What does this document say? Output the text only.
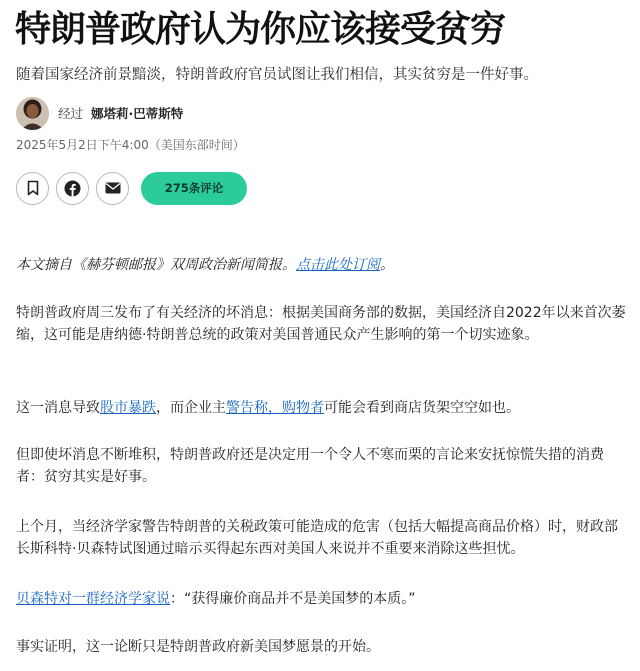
特朗普政府认为你应该接受贫穷
随着国家经济前景黯淡，特朗普政府官员试图让我们相信，其实贫穷是一件好事。
经过 娜塔莉·巴蒂斯特
2025年5月2日下午4:00（美国东部时间）
275条评论
本文摘自《赫芬顿邮报》双周政治新闻简报。点击此处订阅。
特朗普政府周三发布了有关经济的坏消息：根据美国商务部的数据，美国经济自2022年以来首次萎缩，这可能是唐纳德·特朗普总统的政策对美国普通民众产生影响的第一个切实迹象。
这一消息导致股市暴跌，而企业主警告称，购物者可能会看到商店货架空空如也。
但即使坏消息不断堆积，特朗普政府还是决定用一个令人不寒而栗的言论来安抚惊慌失措的消费者：贫穷其实是好事。
上个月，当经济学家警告特朗普的关税政策可能造成的危害（包括大幅提高商品价格）时，财政部长斯科特·贝森特试图通过暗示买得起东西对美国人来说并不重要来消除这些担忧。
贝森特对一群经济学家说：“获得廉价商品并不是美国梦的本质。”
事实证明，这一论断只是特朗普政府新美国梦愿景的开始。
